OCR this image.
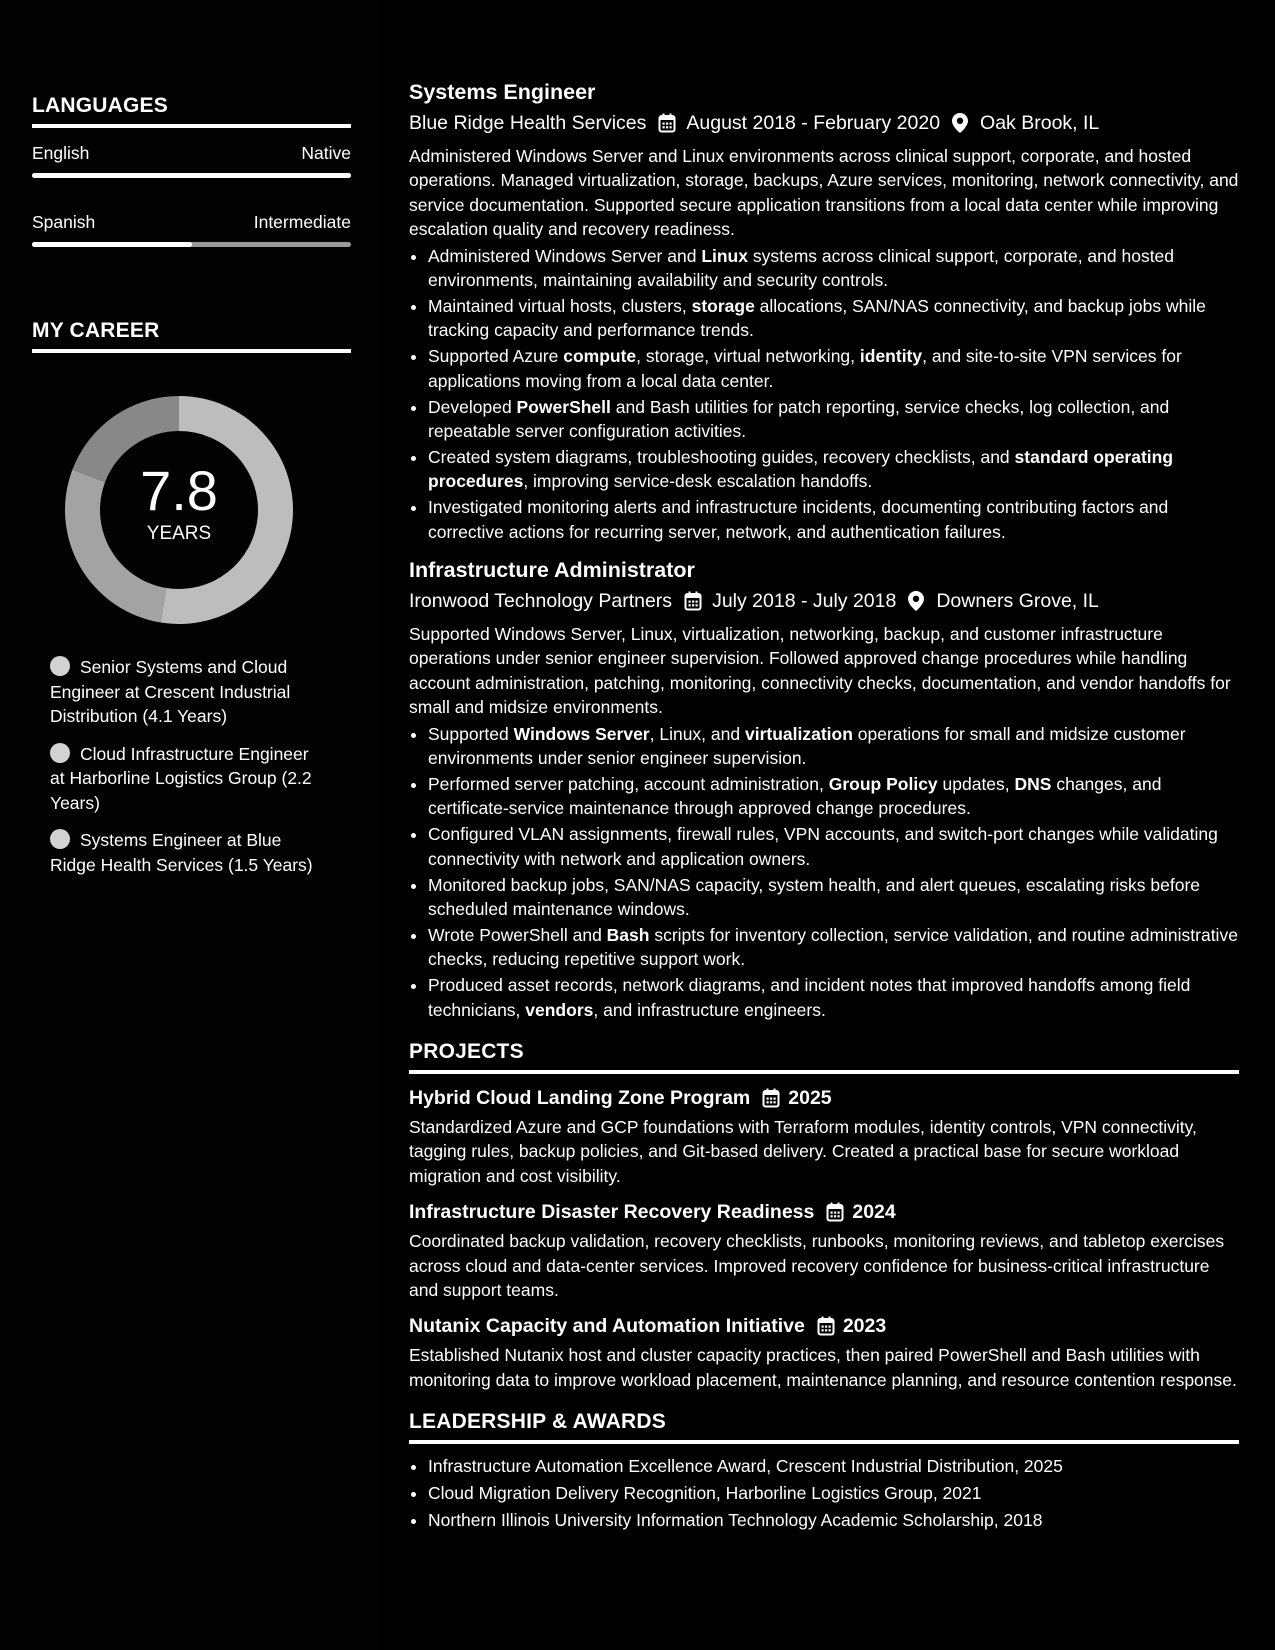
LANGUAGES
English	Native
Spanish	Intermediate
MY CAREER
7.8
YEARS
Senior Systems and Cloud Engineer at Crescent Industrial Distribution (4.1 Years)
Cloud Infrastructure Engineer at Harborline Logistics Group (2.2 Years)
Systems Engineer at Blue Ridge Health Services (1.5 Years)
Systems Engineer
Blue Ridge Health Services August 2018 - February 2020 Oak Brook, IL

Administered Windows Server and Linux environments across clinical support, corporate, and hosted operations. Managed virtualization, storage, backups, Azure services, monitoring, network connectivity, and service documentation. Supported secure application transitions from a local data center while improving escalation quality and recovery readiness.

• Administered Windows Server and Linux systems across clinical support, corporate, and hosted environments, maintaining availability and security controls.
• Maintained virtual hosts, clusters, storage allocations, SAN/NAS connectivity, and backup jobs while tracking capacity and performance trends.
• Supported Azure compute, storage, virtual networking, identity, and site-to-site VPN services for applications moving from a local data center.
• Developed PowerShell and Bash utilities for patch reporting, service checks, log collection, and repeatable server configuration activities.
• Created system diagrams, troubleshooting guides, recovery checklists, and standard operating procedures, improving service-desk escalation handoffs.
• Investigated monitoring alerts and infrastructure incidents, documenting contributing factors and corrective actions for recurring server, network, and authentication failures.
Infrastructure Administrator
Ironwood Technology Partners July 2018 - July 2018 Downers Grove, IL

Supported Windows Server, Linux, virtualization, networking, backup, and customer infrastructure operations under senior engineer supervision. Followed approved change procedures while handling account administration, patching, monitoring, connectivity checks, documentation, and vendor handoffs for small and midsize environments.

• Supported Windows Server, Linux, and virtualization operations for small and midsize customer environments under senior engineer supervision.
• Performed server patching, account administration, Group Policy updates, DNS changes, and certificate-service maintenance through approved change procedures.
• Configured VLAN assignments, firewall rules, VPN accounts, and switch-port changes while validating connectivity with network and application owners.
• Monitored backup jobs, SAN/NAS capacity, system health, and alert queues, escalating risks before scheduled maintenance windows.
• Wrote PowerShell and Bash scripts for inventory collection, service validation, and routine administrative checks, reducing repetitive support work.
• Produced asset records, network diagrams, and incident notes that improved handoffs among field technicians, vendors, and infrastructure engineers.
PROJECTS
Hybrid Cloud Landing Zone Program 2025

Standardized Azure and GCP foundations with Terraform modules, identity controls, VPN connectivity, tagging rules, backup policies, and Git-based delivery. Created a practical base for secure workload migration and cost visibility.

Infrastructure Disaster Recovery Readiness 2024

Coordinated backup validation, recovery checklists, runbooks, monitoring reviews, and tabletop exercises across cloud and data-center services. Improved recovery confidence for business-critical infrastructure and support teams.

Nutanix Capacity and Automation Initiative 2023

Established Nutanix host and cluster capacity practices, then paired PowerShell and Bash utilities with monitoring data to improve workload placement, maintenance planning, and resource contention response.

LEADERSHIP & AWARDS
• Infrastructure Automation Excellence Award, Crescent Industrial Distribution, 2025
• Cloud Migration Delivery Recognition, Harborline Logistics Group, 2021
• Northern Illinois University Information Technology Academic Scholarship, 2018
